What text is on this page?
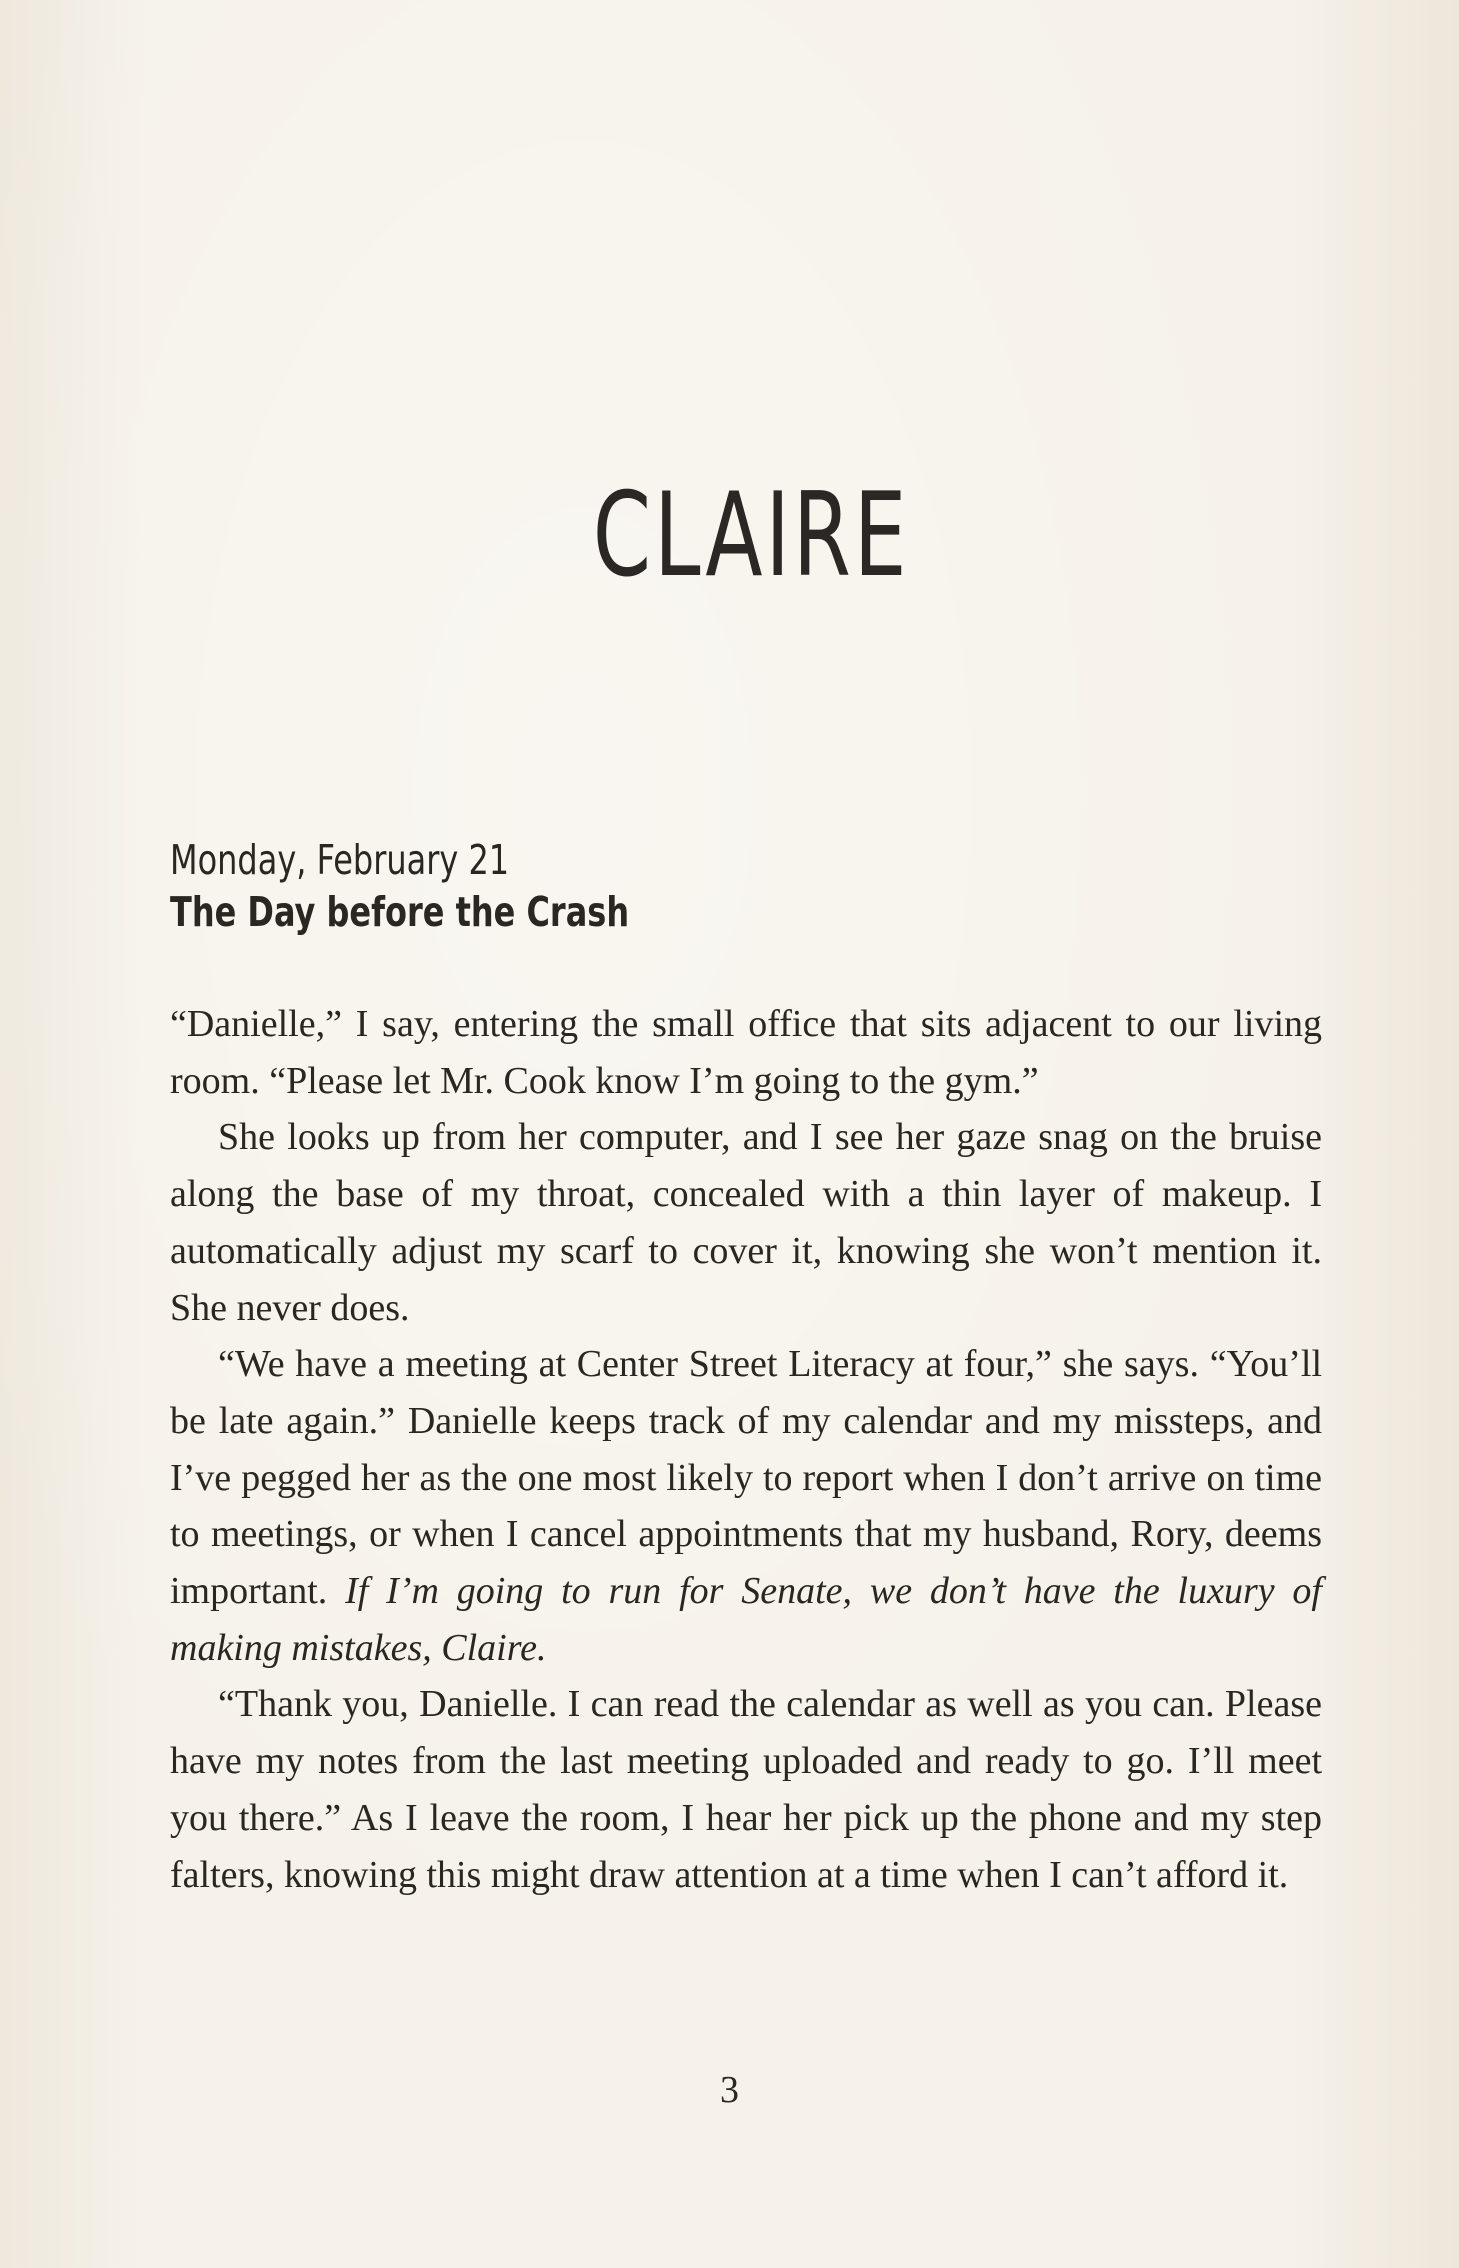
CLAIRE
Monday, February 21
The Day before the Crash

“Danielle,” I say, entering the small office that sits adjacent to our living room. “Please let Mr. Cook know I’m going to the gym.”

She looks up from her computer, and I see her gaze snag on the bruise along the base of my throat, concealed with a thin layer of makeup. I automatically adjust my scarf to cover it, knowing she won’t mention it. She never does.

“We have a meeting at Center Street Literacy at four,” she says. “You’ll be late again.” Danielle keeps track of my calendar and my missteps, and I’ve pegged her as the one most likely to report when I don’t arrive on time to meetings, or when I cancel appointments that my husband, Rory, deems important. If I’m going to run for Senate, we don’t have the luxury of making mistakes, Claire.

“Thank you, Danielle. I can read the calendar as well as you can. Please have my notes from the last meeting uploaded and ready to go. I’ll meet you there.” As I leave the room, I hear her pick up the phone and my step falters, knowing this might draw attention at a time when I can’t afford it.

3
